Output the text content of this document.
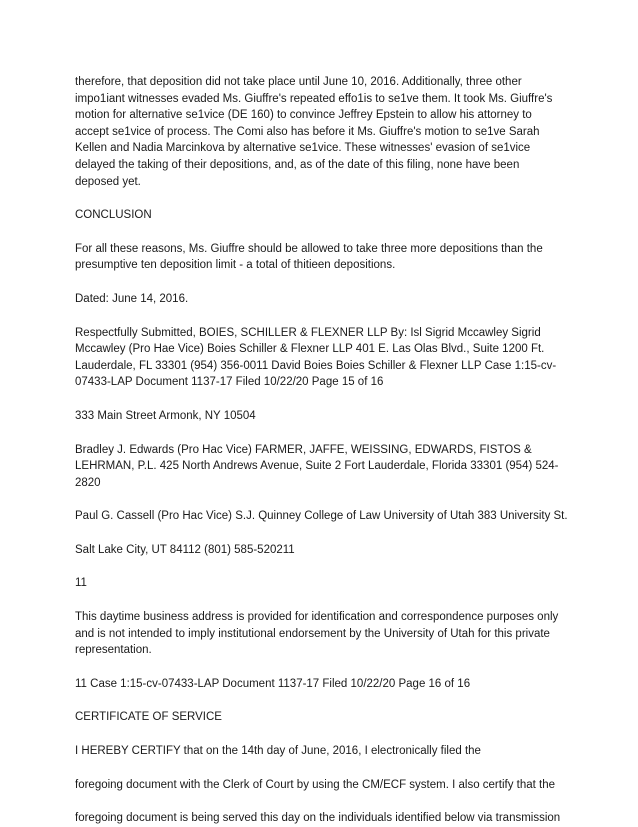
therefore, that deposition did not take place until June 10, 2016. Additionally, three other impo1iant witnesses evaded Ms. Giuffre's repeated effo1is to se1ve them. It took Ms. Giuffre's motion for alternative se1vice (DE 160) to convince Jeffrey Epstein to allow his attorney to accept se1vice of process. The Comi also has before it Ms. Giuffre's motion to se1ve Sarah Kellen and Nadia Marcinkova by alternative se1vice. These witnesses' evasion of se1vice delayed the taking of their depositions, and, as of the date of this filing, none have been deposed yet.

CONCLUSION

For all these reasons, Ms. Giuffre should be allowed to take three more depositions than the presumptive ten deposition limit - a total of thitieen depositions.

Dated: June 14, 2016.

Respectfully Submitted, BOIES, SCHILLER & FLEXNER LLP By: Isl Sigrid Mccawley Sigrid Mccawley (Pro Hae Vice) Boies Schiller & Flexner LLP 401 E. Las Olas Blvd., Suite 1200 Ft. Lauderdale, FL 33301 (954) 356-0011 David Boies Boies Schiller & Flexner LLP Case 1:15-cv-07433-LAP Document 1137-17 Filed 10/22/20 Page 15 of 16

333 Main Street Armonk, NY 10504

Bradley J. Edwards (Pro Hac Vice) FARMER, JAFFE, WEISSING, EDWARDS, FISTOS & LEHRMAN, P.L. 425 North Andrews Avenue, Suite 2 Fort Lauderdale, Florida 33301 (954) 524-2820

Paul G. Cassell (Pro Hac Vice) S.J. Quinney College of Law University of Utah 383 University St.

Salt Lake City, UT 84112 (801) 585-520211

11

This daytime business address is provided for identification and correspondence purposes only and is not intended to imply institutional endorsement by the University of Utah for this private representation.

11 Case 1:15-cv-07433-LAP Document 1137-17 Filed 10/22/20 Page 16 of 16

CERTIFICATE OF SERVICE

I HEREBY CERTIFY that on the 14th day of June, 2016, I electronically filed the

foregoing document with the Clerk of Court by using the CM/ECF system. I also certify that the

foregoing document is being served this day on the individuals identified below via transmission
